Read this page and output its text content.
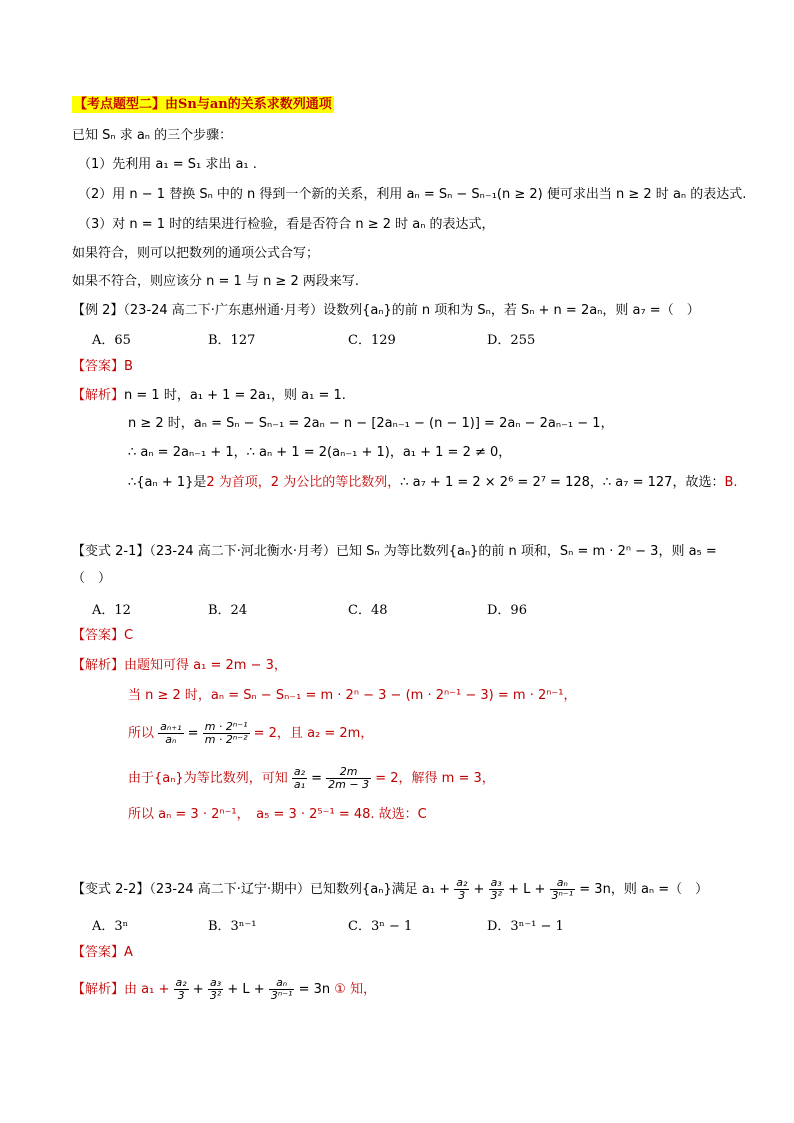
【考点题型二】由Sn与an的关系求数列通项
已知 Sₙ 求 aₙ 的三个步骤：
（1）先利用 a₁ = S₁ 求出 a₁ .
（2）用 n − 1 替换 Sₙ 中的 n 得到一个新的关系，利用 aₙ = Sₙ − Sₙ₋₁(n ≥ 2) 便可求出当 n ≥ 2 时 aₙ 的表达式.
（3）对 n = 1 时的结果进行检验，看是否符合 n ≥ 2 时 aₙ 的表达式，
如果符合，则可以把数列的通项公式合写；
如果不符合，则应该分 n = 1 与 n ≥ 2 两段来写.
【例 2】（23-24 高二下·广东惠州通·月考）设数列{aₙ}的前 n 项和为 Sₙ，若 Sₙ + n = 2aₙ，则 a₇ =（　）
A．65	B．127	C．129	D．255
【答案】B
【解析】n = 1 时，a₁ + 1 = 2a₁，则 a₁ = 1.
n ≥ 2 时，aₙ = Sₙ − Sₙ₋₁ = 2aₙ − n − [2aₙ₋₁ − (n − 1)] = 2aₙ − 2aₙ₋₁ − 1，
∴ aₙ = 2aₙ₋₁ + 1，∴ aₙ + 1 = 2(aₙ₋₁ + 1)，a₁ + 1 = 2 ≠ 0，
∴{aₙ + 1}是2 为首项，2 为公比的等比数列，∴ a₇ + 1 = 2 × 2⁶ = 2⁷ = 128，∴ a₇ = 127，故选：B.
【变式 2-1】（23-24 高二下·河北衡水·月考）已知 Sₙ 为等比数列{aₙ}的前 n 项和，Sₙ = m · 2ⁿ − 3，则 a₅ =
（　）
A．12	B．24	C．48	D．96
【答案】C
【解析】由题知可得 a₁ = 2m − 3，
当 n ≥ 2 时，aₙ = Sₙ − Sₙ₋₁ = m · 2ⁿ − 3 − (m · 2ⁿ⁻¹ − 3) = m · 2ⁿ⁻¹，
所以 $\frac{\text{aₙ₊₁}}{\text{aₙ}} = \frac{\text{m · 2ⁿ⁻¹}}{\text{m · 2ⁿ⁻²}} = 2$，且 a₂ = 2m，
由于{aₙ}为等比数列，可知 $\frac{\text{a₂}}{\text{a₁}} = \frac{2m}{2m - 3} = 2$，解得 m = 3，
所以 aₙ = 3 · 2ⁿ⁻¹，　a₅ = 3 · 2⁵⁻¹ = 48. 故选：C
【变式 2-2】（23-24 高二下·辽宁·期中）已知数列{aₙ}满足 $a_1 + \frac{\text{a₂}}{3} + \frac{\text{a₃}}{\text{3²}} + L + \frac{\text{aₙ}}{\text{3ⁿ⁻¹}} = 3n$，则 aₙ =（　）
A．3ⁿ	B．3ⁿ⁻¹	C．3ⁿ − 1	D．3ⁿ⁻¹ − 1
【答案】A
【解析】由 $a_1 + \frac{\text{a₂}}{3} + \frac{\text{a₃}}{\text{3²}} + L + \frac{\text{aₙ}}{\text{3ⁿ⁻¹}} = 3n$ ① 知，
